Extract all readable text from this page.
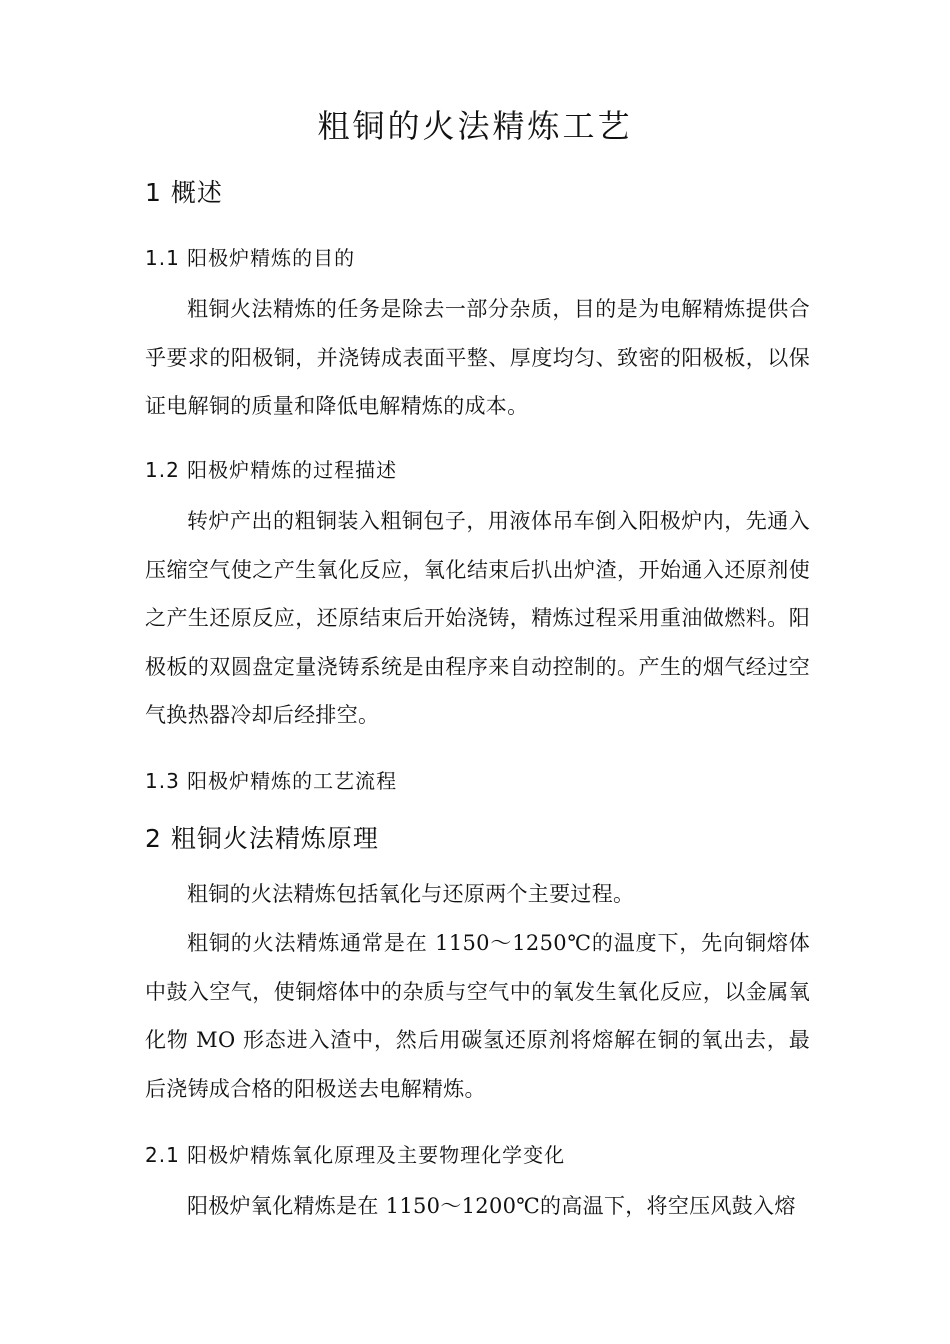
粗铜的火法精炼工艺
1 概述
1.1 阳极炉精炼的目的

粗铜火法精炼的任务是除去一部分杂质，目的是为电解精炼提供合乎要求的阳极铜，并浇铸成表面平整、厚度均匀、致密的阳极板，以保证电解铜的质量和降低电解精炼的成本。

1.2 阳极炉精炼的过程描述

转炉产出的粗铜装入粗铜包子，用液体吊车倒入阳极炉内，先通入压缩空气使之产生氧化反应，氧化结束后扒出炉渣，开始通入还原剂使之产生还原反应，还原结束后开始浇铸，精炼过程采用重油做燃料。阳极板的双圆盘定量浇铸系统是由程序来自动控制的。产生的烟气经过空气换热器冷却后经排空。

1.3 阳极炉精炼的工艺流程
2 粗铜火法精炼原理

粗铜的火法精炼包括氧化与还原两个主要过程。

粗铜的火法精炼通常是在 1150～1250℃的温度下，先向铜熔体中鼓入空气，使铜熔体中的杂质与空气中的氧发生氧化反应，以金属氧化物 MO 形态进入渣中，然后用碳氢还原剂将熔解在铜的氧出去，最后浇铸成合格的阳极送去电解精炼。

2.1 阳极炉精炼氧化原理及主要物理化学变化

阳极炉氧化精炼是在 1150～1200℃的高温下，将空压风鼓入熔
